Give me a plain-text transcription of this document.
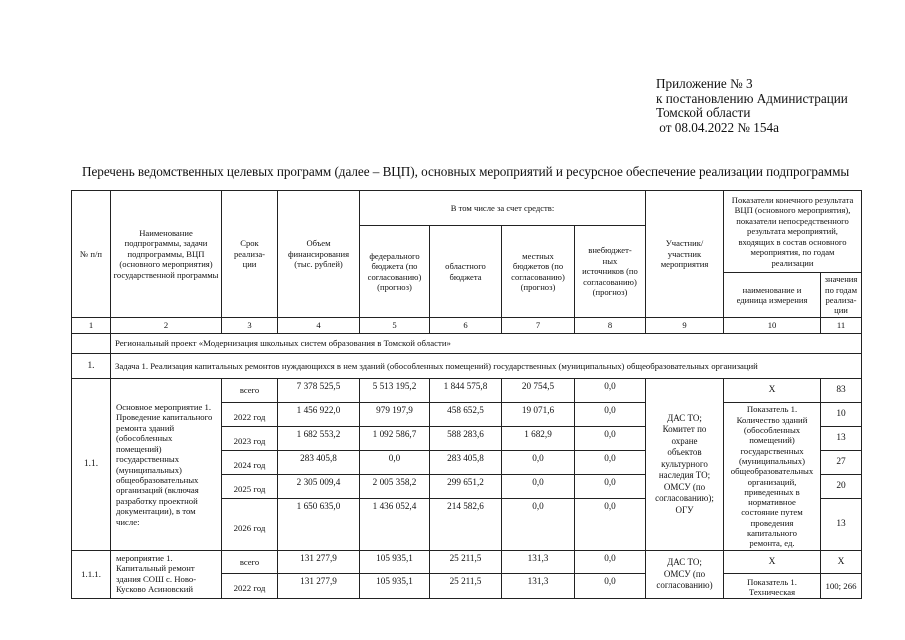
Приложение № 3
к постановлению Администрации
Томской области
от 08.04.2022 № 154а
Перечень ведомственных целевых программ (далее – ВЦП), основных мероприятий и ресурсное обеспечение реализации подпрограммы
№ п/п	Наименование подпрограммы, задачи подпрограммы, ВЦП (основного мероприятия) государственной программы	Срок реализа-ции	Объем финансирования (тыс. рублей)	В том числе за счет средств:				Участник/ участник мероприятия	Показатели конечного результата ВЦП (основного мероприятия), показатели непосредственного результата мероприятий, входящих в состав основного мероприятия, по годам реализации	
				федерального бюджета (по согласованию) (прогноз)	областного бюджета	местных бюджетов (по согласованию) (прогноз)	внебюджет-ных источников (по согласованию) (прогноз)			
									наименование и единица измерения	значения по годам реализа-ции
1	2	3	4	5	6	7	8	9	10	11
	Региональный проект «Модернизация школьных систем образования в Томской области»									
1.	Задача 1. Реализация капитальных ремонтов нуждающихся в нем зданий (обособленных помещений) государственных (муниципальных) общеобразовательных организаций									
1.1.	Основное мероприятие 1. Проведение капитального ремонта зданий (обособленных помещений) государственных (муниципальных) общеобразовательных организаций (включая разработку проектной документации), в том числе:	всего	7 378 525,5	5 513 195,2	1 844 575,8	20 754,5	0,0	ДАС ТО; Комитет по охране объектов культурного наследия ТО; ОМСУ (по согласованию); ОГУ	Х	83
		2022 год	1 456 922,0	979 197,9	458 652,5	19 071,6	0,0		Показатель 1. Количество зданий (обособленных помещений) государственных (муниципальных) общеобразовательных организаций, приведенных в нормативное состояние путем проведения капитального ремонта, ед.	10
		2023 год	1 682 553,2	1 092 586,7	588 283,6	1 682,9	0,0			13
		2024 год	283 405,8	0,0	283 405,8	0,0	0,0			27
		2025 год	2 305 009,4	2 005 358,2	299 651,2	0,0	0,0			20
		2026 год	1 650 635,0	1 436 052,4	214 582,6	0,0	0,0			13
1.1.1.	мероприятие 1. Капитальный ремонт здания СОШ с. Ново-Кусково Асиновский	всего	131 277,9	105 935,1	25 211,5	131,3	0,0	ДАС ТО; ОМСУ (по согласованию)	Х	Х
		2022 год	131 277,9	105 935,1	25 211,5	131,3	0,0		Показатель 1. Техническая	100; 266
